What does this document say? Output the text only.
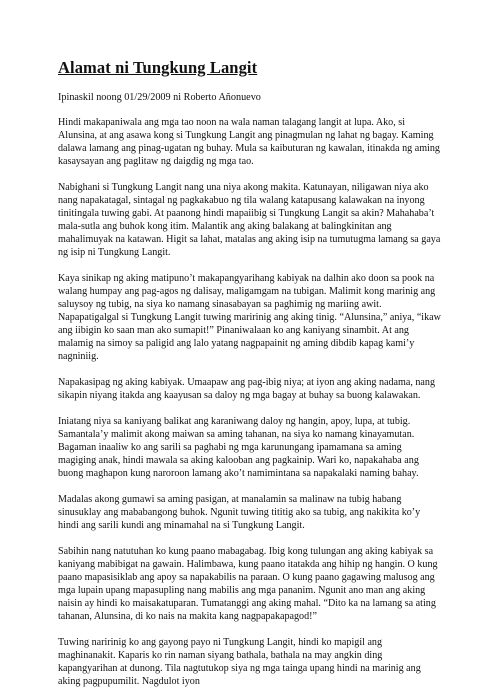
Alamat ni Tungkung Langit

Ipinaskil noong 01/29/2009 ni Roberto Añonuevo

Hindi makapaniwala ang mga tao noon na wala naman talagang langit at lupa. Ako, si Alunsina, at ang asawa kong si Tungkung Langit ang pinagmulan ng lahat ng bagay. Kaming dalawa lamang ang pinag-ugatan ng buhay. Mula sa kaibuturan ng kawalan, itinakda ng aming kasaysayan ang paglitaw ng daigdig ng mga tao.

Nabighani si Tungkung Langit nang una niya akong makita. Katunayan, niligawan niya ako nang napakatagal, sintagal ng pagkakabuo ng tila walang katapusang kalawakan na inyong tinitingala tuwing gabi. At paanong hindi mapaiibig si Tungkung Langit sa akin? Mahahaba’t mala-sutla ang buhok kong itim. Malantik ang aking balakang at balingkinitan ang mahalimuyak na katawan. Higit sa lahat, matalas ang aking isip na tumutugma lamang sa gaya ng isip ni Tungkung Langit.

Kaya sinikap ng aking matipuno’t makapangyarihang kabiyak na dalhin ako doon sa pook na walang humpay ang pag-agos ng dalisay, maligamgam na tubigan. Malimit kong marinig ang saluysoy ng tubig, na siya ko namang sinasabayan sa paghimig ng mariing awit. Napapatigalgal si Tungkung Langit tuwing maririnig ang aking tinig. “Alunsina,” aniya, “ikaw ang iibigin ko saan man ako sumapit!” Pinaniwalaan ko ang kaniyang sinambit. At ang malamig na simoy sa paligid ang lalo yatang nagpapainit ng aming dibdib kapag kami’y nagniniig.

Napakasipag ng aking kabiyak. Umaapaw ang pag-ibig niya; at iyon ang aking nadama, nang sikapin niyang itakda ang kaayusan sa daloy ng mga bagay at buhay sa buong kalawakan.

Iniatang niya sa kaniyang balikat ang karaniwang daloy ng hangin, apoy, lupa, at tubig. Samantala’y malimit akong maiwan sa aming tahanan, na siya ko namang kinayamutan. Bagaman inaaliw ko ang sarili sa paghabi ng mga karunungang ipamamana sa aming magiging anak, hindi mawala sa aking kalooban ang pagkainip. Wari ko, napakahaba ang buong maghapon kung naroroon lamang ako’t namimintana sa napakalaki naming bahay.

Madalas akong gumawi sa aming pasigan, at manalamin sa malinaw na tubig habang sinusuklay ang mababangong buhok. Ngunit tuwing tititig ako sa tubig, ang nakikita ko’y hindi ang sarili kundi ang minamahal na si Tungkung Langit.

Sabihin nang natutuhan ko kung paano mabagabag. Ibig kong tulungan ang aking kabiyak sa kaniyang mabibigat na gawain. Halimbawa, kung paano itatakda ang hihip ng hangin. O kung paano mapasisiklab ang apoy sa napakabilis na paraan. O kung paano gagawing malusog ang mga lupain upang mapasupling nang mabilis ang mga pananim. Ngunit ano man ang aking naisin ay hindi ko maisakatuparan. Tumatanggi ang aking mahal. “Dito ka na lamang sa ating tahanan, Alunsina, di ko nais na makita kang nagpapakapagod!”

Tuwing naririnig ko ang gayong payo ni Tungkung Langit, hindi ko mapigil ang maghinanakit. Kaparis ko rin naman siyang bathala, bathala na may angkin ding kapangyarihan at dunong. Tila nagtutukop siya ng mga tainga upang hindi na marinig ang aking pagpupumilit. Nagdulot iyon
